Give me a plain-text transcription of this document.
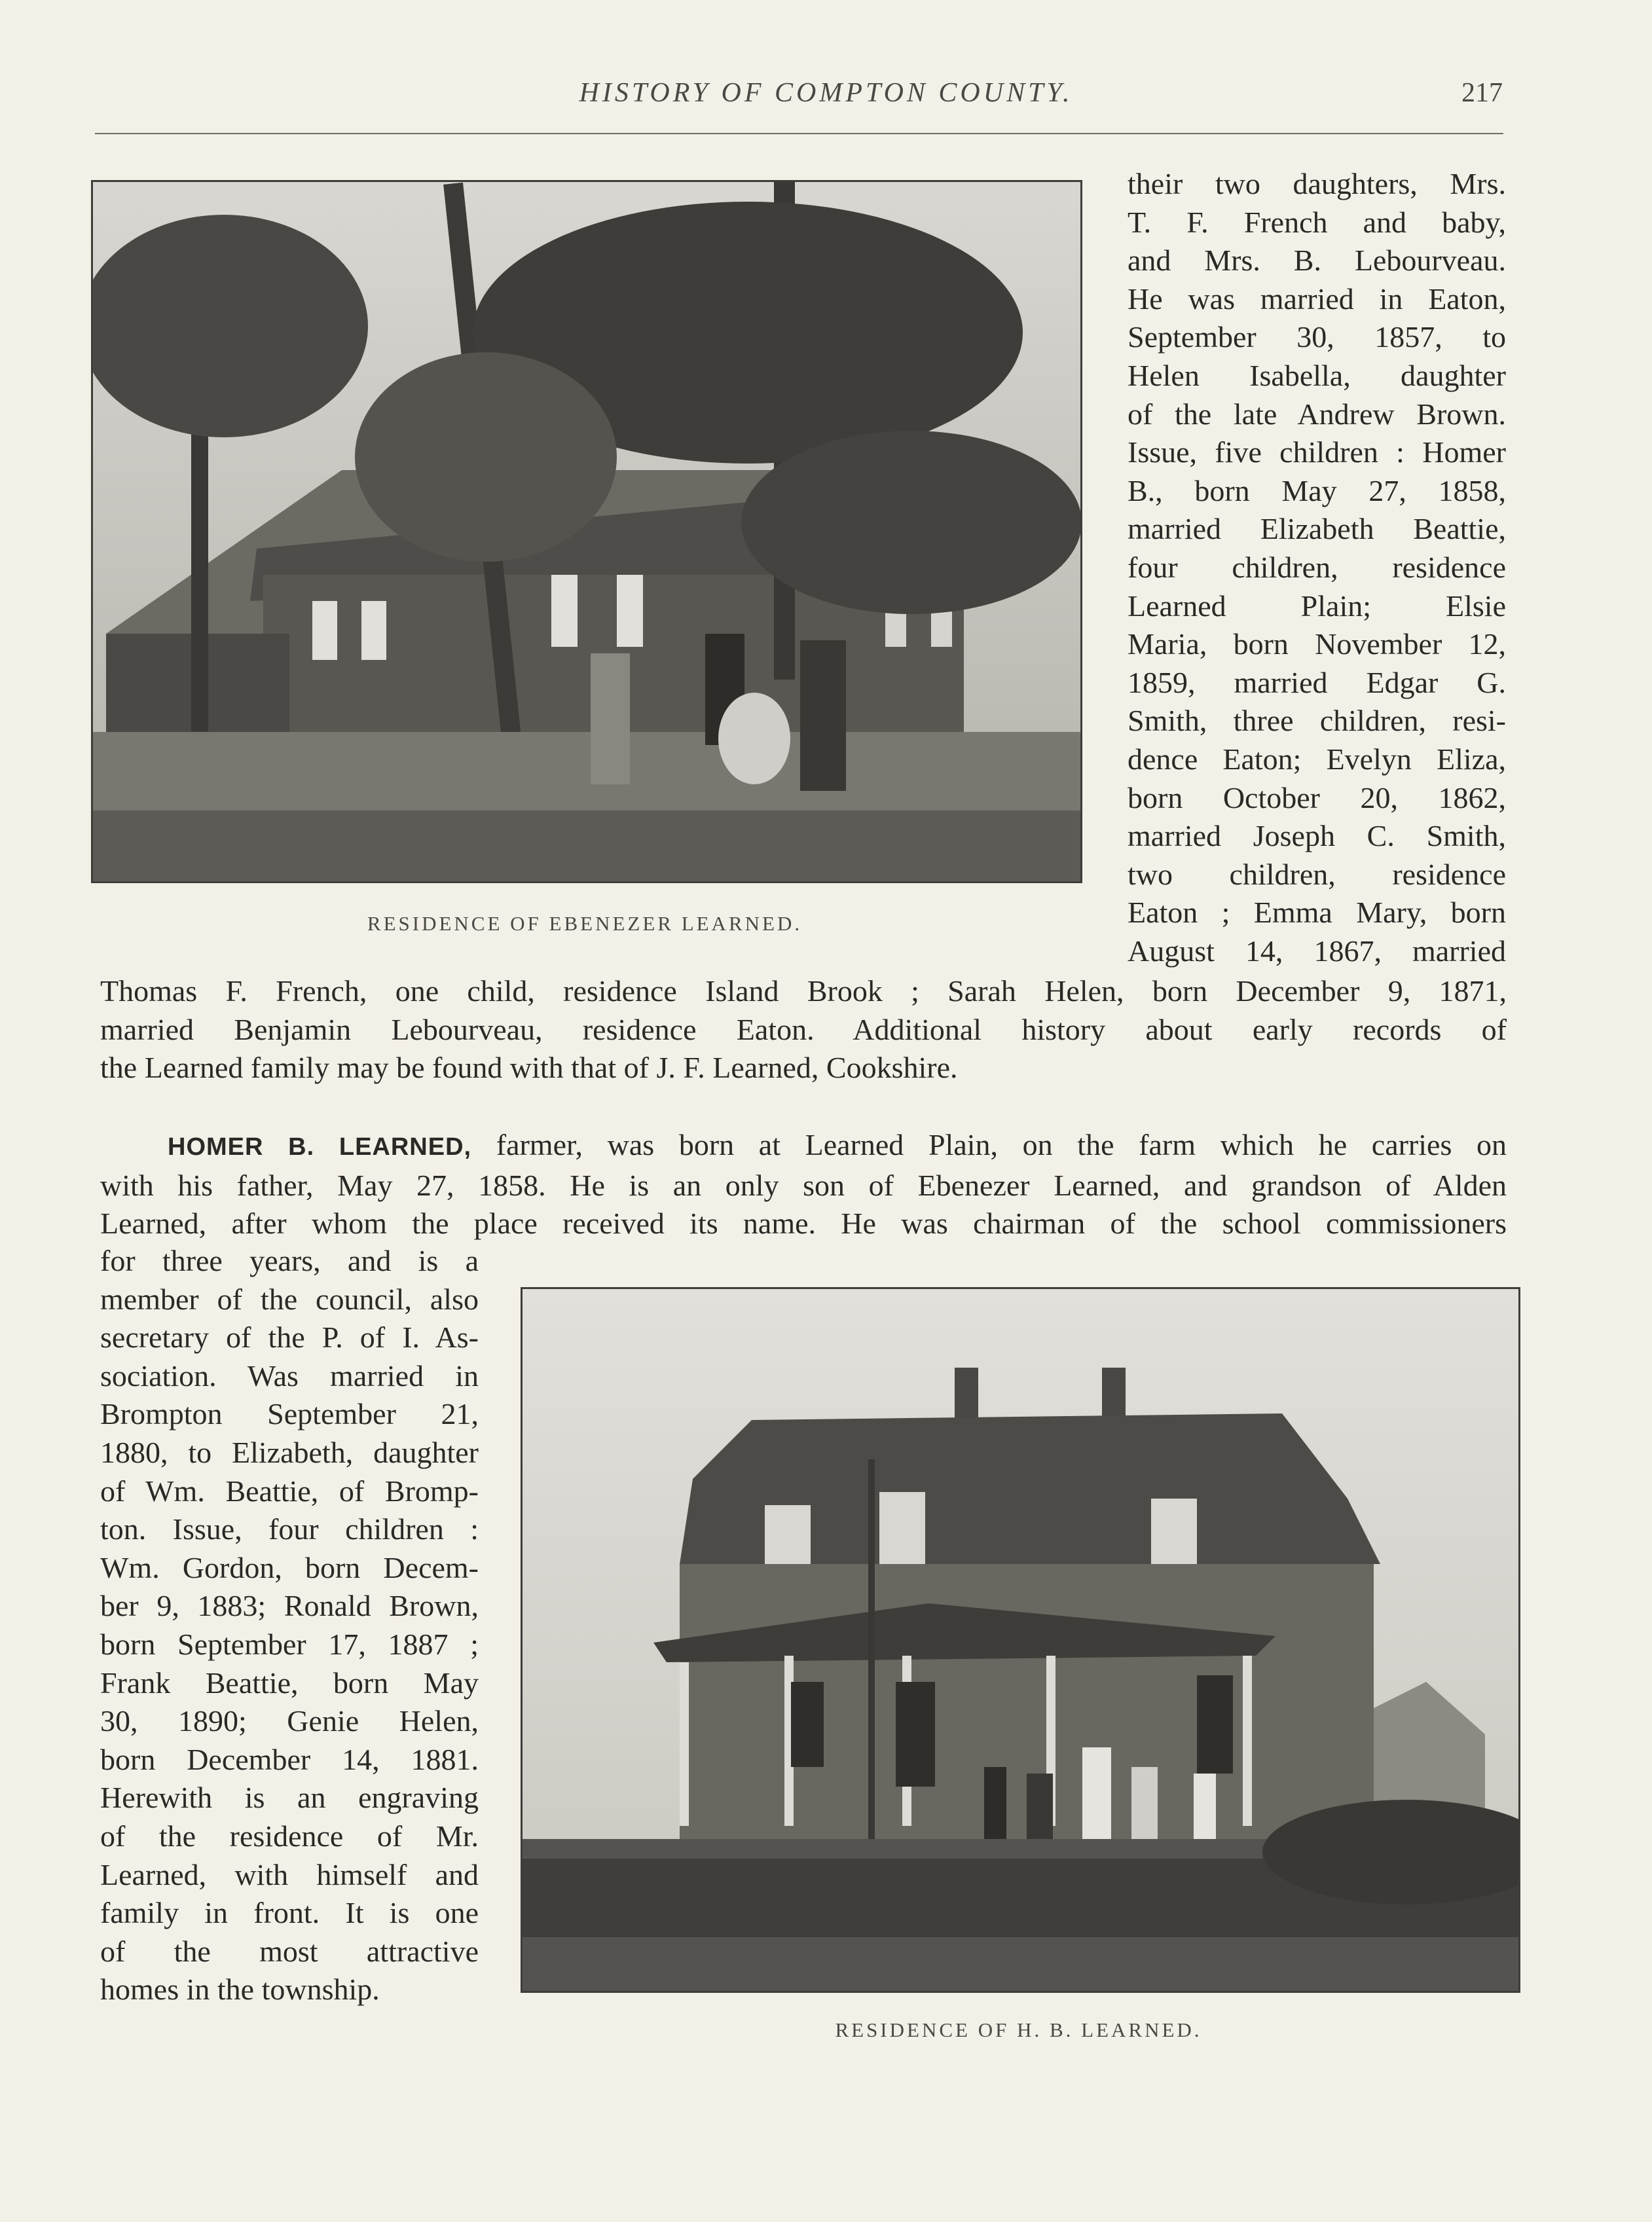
HISTORY OF COMPTON COUNTY.	217
RESIDENCE OF EBENEZER LEARNED.

their two daughters, Mrs.

T. F. French and baby,

and Mrs. B. Lebourveau.

He was married in Eaton,

September 30, 1857, to

Helen Isabella, daughter

of the late Andrew Brown.

Issue, five children : Homer

B., born May 27, 1858,

married Elizabeth Beattie,

four children, residence

Learned Plain; Elsie

Maria, born November 12,

1859, married Edgar G.

Smith, three children, resi-

dence Eaton; Evelyn Eliza,

born October 20, 1862,

married Joseph C. Smith,

two children, residence

Eaton ; Emma Mary, born

August 14, 1867, married

Thomas F. French, one child, residence Island Brook ; Sarah Helen, born December 9, 1871,

married Benjamin Lebourveau, residence Eaton. Additional history about early records of

the Learned family may be found with that of J. F. Learned, Cookshire.

HOMER B. LEARNED, farmer, was born at Learned Plain, on the farm which he carries on

with his father, May 27, 1858. He is an only son of Ebenezer Learned, and grandson of Alden

Learned, after whom the place received its name. He was chairman of the school commissioners

for three years, and is a

member of the council, also

secretary of the P. of I. As-

sociation. Was married in

Brompton September 21,

1880, to Elizabeth, daughter

of Wm. Beattie, of Bromp-

ton. Issue, four children :

Wm. Gordon, born Decem-

ber 9, 1883; Ronald Brown,

born September 17, 1887 ;

Frank Beattie, born May

30, 1890; Genie Helen,

born December 14, 1881.

Herewith is an engraving

of the residence of Mr.

Learned, with himself and

family in front. It is one

of the most attractive

homes in the township.

RESIDENCE OF H. B. LEARNED.
